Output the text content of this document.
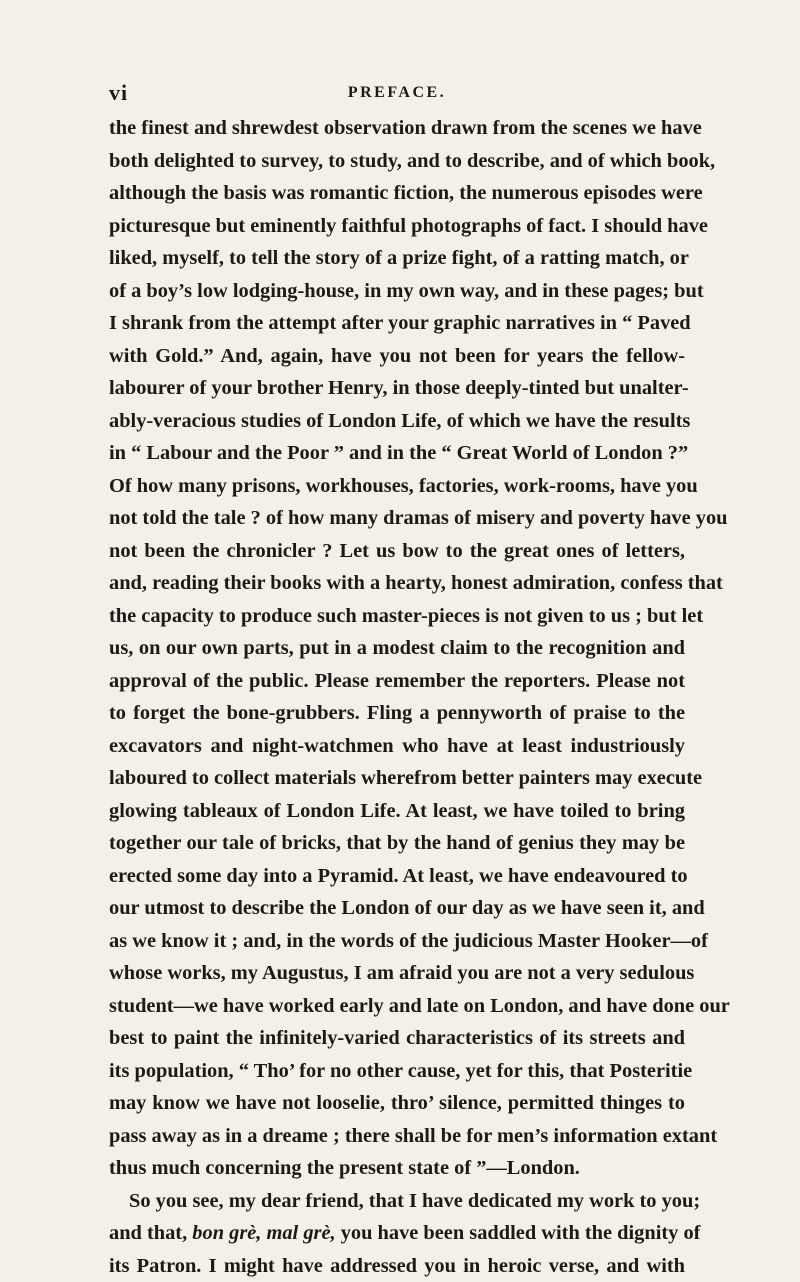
vi	PREFACE.
the finest and shrewdest observation drawn from the scenes we have
both delighted to survey, to study, and to describe, and of which book,
although the basis was romantic fiction, the numerous episodes were
picturesque but eminently faithful photographs of fact. I should have
liked, myself, to tell the story of a prize fight, of a ratting match, or
of a boy’s low lodging-house, in my own way, and in these pages; but
I shrank from the attempt after your graphic narratives in “ Paved
with Gold.” And, again, have you not been for years the fellow-
labourer of your brother Henry, in those deeply-tinted but unalter-
ably-veracious studies of London Life, of which we have the results
in “ Labour and the Poor ” and in the “ Great World of London ?”
Of how many prisons, workhouses, factories, work-rooms, have you
not told the tale ? of how many dramas of misery and poverty have you
not been the chronicler ? Let us bow to the great ones of letters,
and, reading their books with a hearty, honest admiration, confess that
the capacity to produce such master-pieces is not given to us ; but let
us, on our own parts, put in a modest claim to the recognition and
approval of the public. Please remember the reporters. Please not
to forget the bone-grubbers. Fling a pennyworth of praise to the
excavators and night-watchmen who have at least industriously
laboured to collect materials wherefrom better painters may execute
glowing tableaux of London Life. At least, we have toiled to bring
together our tale of bricks, that by the hand of genius they may be
erected some day into a Pyramid. At least, we have endeavoured to
our utmost to describe the London of our day as we have seen it, and
as we know it ; and, in the words of the judicious Master Hooker—of
whose works, my Augustus, I am afraid you are not a very sedulous
student—we have worked early and late on London, and have done our
best to paint the infinitely-varied characteristics of its streets and
its population, “ Tho’ for no other cause, yet for this, that Posteritie
may know we have not looselie, thro’ silence, permitted thinges to
pass away as in a dreame ; there shall be for men’s information extant
thus much concerning the present state of ”—London.
So you see, my dear friend, that I have dedicated my work to you;
and that, bon grè, mal grè, you have been saddled with the dignity of
its Patron. I might have addressed you in heroic verse, and with
